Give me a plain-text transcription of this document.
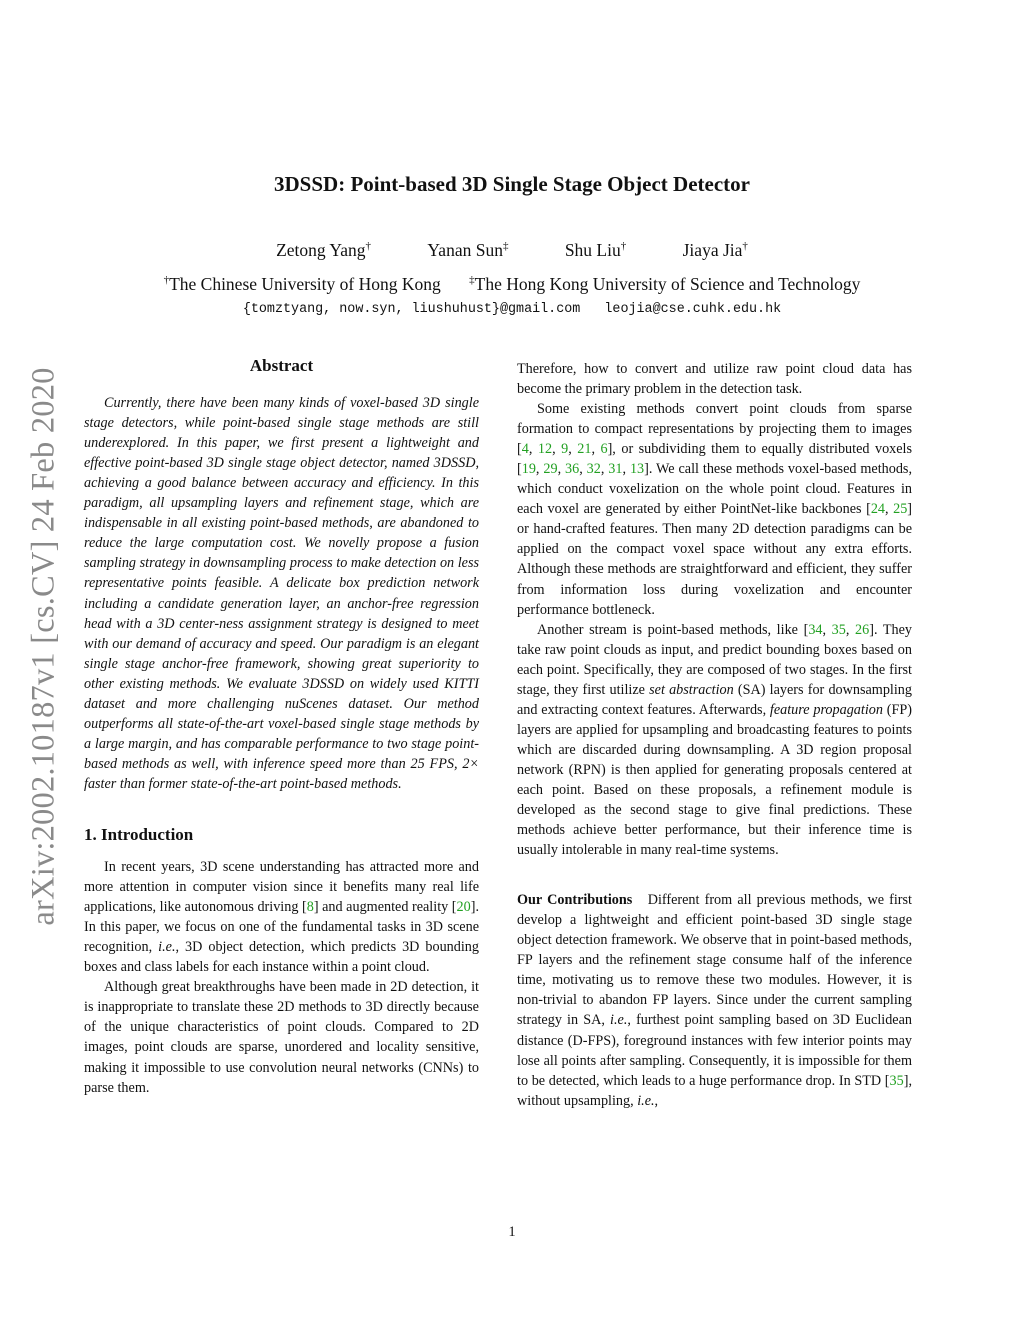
arXiv:2002.10187v1 [cs.CV] 24 Feb 2020
3DSSD: Point-based 3D Single Stage Object Detector
Zetong Yang†	Yanan Sun‡	Shu Liu†	Jiaya Jia†
†The Chinese University of Hong Kong	‡The Hong Kong University of Science and Technology
{tomztyang, now.syn, liushuhust}@gmail.com leojia@cse.cuhk.edu.hk
Abstract

Currently, there have been many kinds of voxel-based 3D single stage detectors, while point-based single stage methods are still underexplored. In this paper, we first present a lightweight and effective point-based 3D single stage object detector, named 3DSSD, achieving a good balance between accuracy and efficiency. In this paradigm, all upsampling layers and refinement stage, which are indispensable in all existing point-based methods, are abandoned to reduce the large computation cost. We novelly propose a fusion sampling strategy in downsampling process to make detection on less representative points feasible. A delicate box prediction network including a candidate generation layer, an anchor-free regression head with a 3D center-ness assignment strategy is designed to meet with our demand of accuracy and speed. Our paradigm is an elegant single stage anchor-free framework, showing great superiority to other existing methods. We evaluate 3DSSD on widely used KITTI dataset and more challenging nuScenes dataset. Our method outperforms all state-of-the-art voxel-based single stage methods by a large margin, and has comparable performance to two stage point-based methods as well, with inference speed more than 25 FPS, 2× faster than former state-of-the-art point-based methods.

1. Introduction

In recent years, 3D scene understanding has attracted more and more attention in computer vision since it benefits many real life applications, like autonomous driving [8] and augmented reality [20]. In this paper, we focus on one of the fundamental tasks in 3D scene recognition, i.e., 3D object detection, which predicts 3D bounding boxes and class labels for each instance within a point cloud.

Although great breakthroughs have been made in 2D detection, it is inappropriate to translate these 2D methods to 3D directly because of the unique characteristics of point clouds. Compared to 2D images, point clouds are sparse, unordered and locality sensitive, making it impossible to use convolution neural networks (CNNs) to parse them.

Therefore, how to convert and utilize raw point cloud data has become the primary problem in the detection task.

Some existing methods convert point clouds from sparse formation to compact representations by projecting them to images [4, 12, 9, 21, 6], or subdividing them to equally distributed voxels [19, 29, 36, 32, 31, 13]. We call these methods voxel-based methods, which conduct voxelization on the whole point cloud. Features in each voxel are generated by either PointNet-like backbones [24, 25] or hand-crafted features. Then many 2D detection paradigms can be applied on the compact voxel space without any extra efforts. Although these methods are straightforward and efficient, they suffer from information loss during voxelization and encounter performance bottleneck.

Another stream is point-based methods, like [34, 35, 26]. They take raw point clouds as input, and predict bounding boxes based on each point. Specifically, they are composed of two stages. In the first stage, they first utilize set abstraction (SA) layers for downsampling and extracting context features. Afterwards, feature propagation (FP) layers are applied for upsampling and broadcasting features to points which are discarded during downsampling. A 3D region proposal network (RPN) is then applied for generating proposals centered at each point. Based on these proposals, a refinement module is developed as the second stage to give final predictions. These methods achieve better performance, but their inference time is usually intolerable in many real-time systems.

Our Contributions Different from all previous methods, we first develop a lightweight and efficient point-based 3D single stage object detection framework. We observe that in point-based methods, FP layers and the refinement stage consume half of the inference time, motivating us to remove these two modules. However, it is non-trivial to abandon FP layers. Since under the current sampling strategy in SA, i.e., furthest point sampling based on 3D Euclidean distance (D-FPS), foreground instances with few interior points may lose all points after sampling. Consequently, it is impossible for them to be detected, which leads to a huge performance drop. In STD [35], without upsampling, i.e.,

1
